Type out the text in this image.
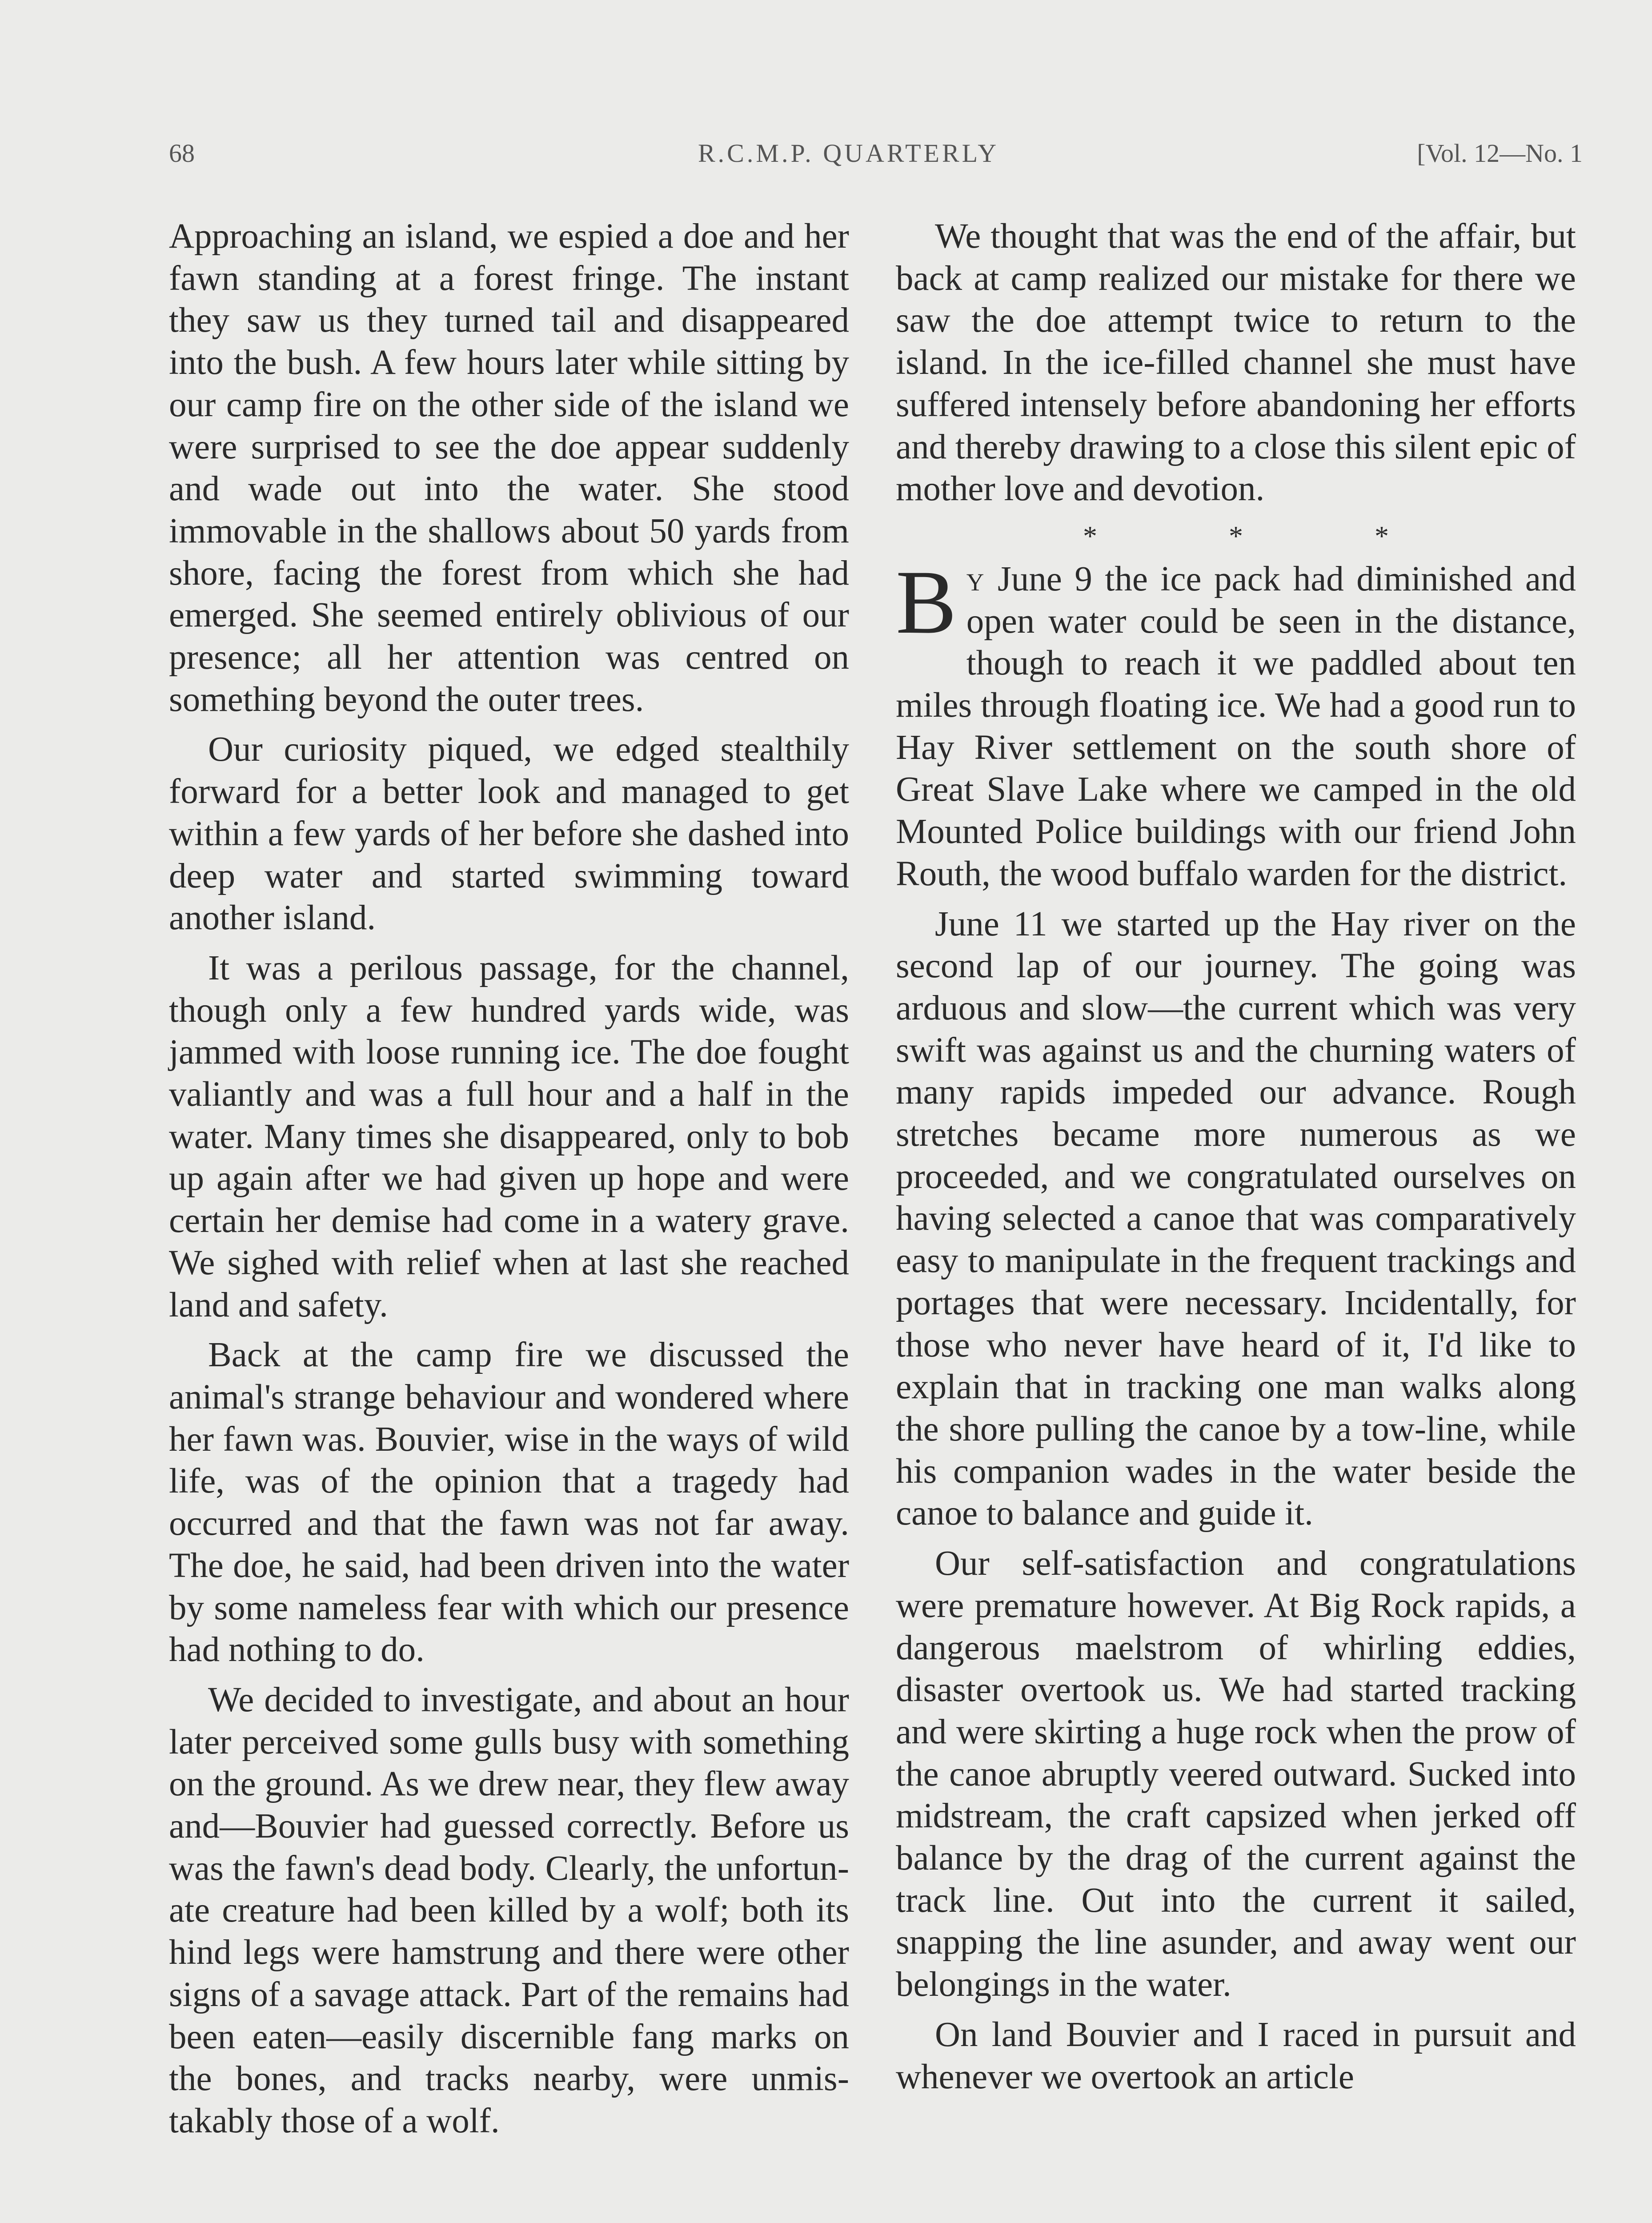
68	R.C.M.P. QUARTERLY	[Vol. 12—No. 1

Approaching an island, we espied a doe and her fawn standing at a forest fringe. The instant they saw us they turned tail and disappeared into the bush. A few hours later while sitting by our camp fire on the other side of the island we were surprised to see the doe appear suddenly and wade out into the water. She stood immovable in the shallows about 50 yards from shore, facing the forest from which she had emerged. She seemed entirely oblivious of our presence; all her attention was centred on something beyond the outer trees.

Our curiosity piqued, we edged stealthily forward for a better look and managed to get within a few yards of her before she dashed into deep water and started swimming toward another island.

It was a perilous passage, for the channel, though only a few hundred yards wide, was jammed with loose running ice. The doe fought valiantly and was a full hour and a half in the water. Many times she disappeared, only to bob up again after we had given up hope and were certain her demise had come in a watery grave. We sighed with relief when at last she reached land and safety.

Back at the camp fire we discussed the animal's strange behaviour and wondered where her fawn was. Bouvier, wise in the ways of wild life, was of the opinion that a tragedy had occurred and that the fawn was not far away. The doe, he said, had been driven into the water by some nameless fear with which our presence had nothing to do.

We decided to investigate, and about an hour later perceived some gulls busy with something on the ground. As we drew near, they flew away and—Bouvier had guessed correctly. Before us was the fawn's dead body. Clearly, the unfortunate creature had been killed by a wolf; both its hind legs were hamstrung and there were other signs of a savage attack. Part of the remains had been eaten—easily discernible fang marks on the bones, and tracks nearby, were unmistakably those of a wolf.

We thought that was the end of the affair, but back at camp realized our mistake for there we saw the doe attempt twice to return to the island. In the ice-filled channel she must have suffered intensely before abandoning her efforts and thereby drawing to a close this silent epic of mother love and devotion.

* * *

By June 9 the ice pack had diminished and open water could be seen in the distance, though to reach it we paddled about ten miles through floating ice. We had a good run to Hay River settlement on the south shore of Great Slave Lake where we camped in the old Mounted Police buildings with our friend John Routh, the wood buffalo warden for the district.

June 11 we started up the Hay river on the second lap of our journey. The going was arduous and slow—the current which was very swift was against us and the churning waters of many rapids impeded our advance. Rough stretches became more numerous as we proceeded, and we congratulated ourselves on having selected a canoe that was comparatively easy to manipulate in the frequent trackings and portages that were necessary. Incidentally, for those who never have heard of it, I'd like to explain that in tracking one man walks along the shore pulling the canoe by a tow-line, while his companion wades in the water beside the canoe to balance and guide it.

Our self-satisfaction and congratulations were premature however. At Big Rock rapids, a dangerous maelstrom of whirling eddies, disaster overtook us. We had started tracking and were skirting a huge rock when the prow of the canoe abruptly veered outward. Sucked into midstream, the craft capsized when jerked off balance by the drag of the current against the track line. Out into the current it sailed, snapping the line asunder, and away went our belongings in the water.

On land Bouvier and I raced in pursuit and whenever we overtook an article
